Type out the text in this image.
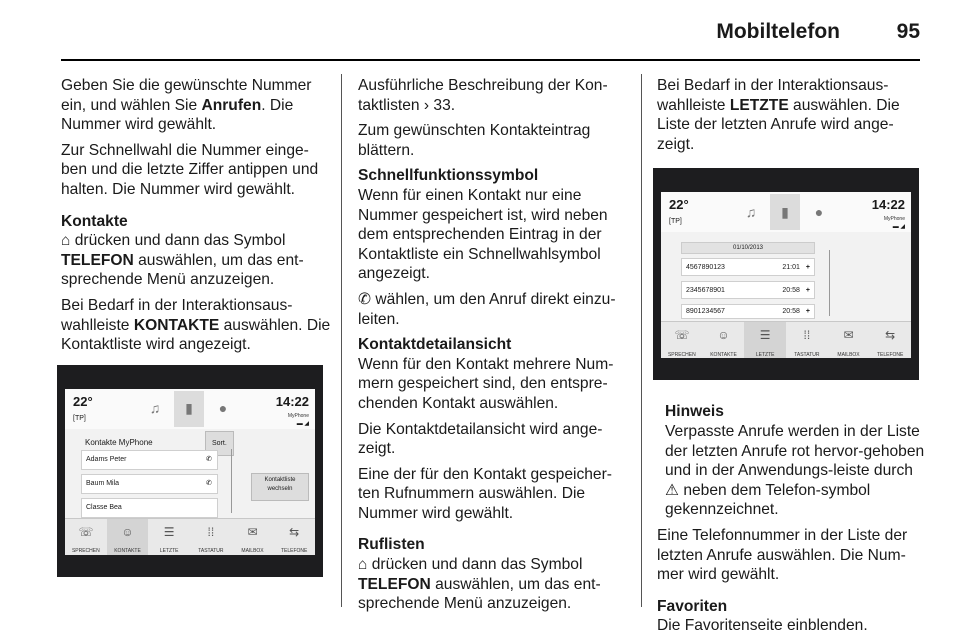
Mobiltelefon	95

Geben Sie die gewünschte Nummer ein, und wählen Sie Anrufen. Die Nummer wird gewählt.

Zur Schnellwahl die Nummer einge-ben und die letzte Ziffer antippen und halten. Die Nummer wird gewählt.

Kontakte

⌂ drücken und dann das Symbol TELEFON auswählen, um das ent-sprechende Menü anzuzeigen.

Bei Bedarf in der Interaktionsaus-wahlleiste KONTAKTE auswählen. Die Kontaktliste wird angezeigt.

22°
[TP]
♫	▮	●	14:22
MyPhone
▬ ◢
Kontakte MyPhone	Sort.
Adams Peter	✆
Baum Mila	✆
Classe Bea
Kontaktliste
wechseln
☏
SPRECHEN
☺
KONTAKTE
☰
LETZTE
⁞⁞
TASTATUR
✉
MAILBOX
⇆
TELEFONE

Ausführliche Beschreibung der Kon-taktlisten › 33.

Zum gewünschten Kontakteintrag blättern.

Schnellfunktionssymbol

Wenn für einen Kontakt nur eine Nummer gespeichert ist, wird neben dem entsprechenden Eintrag in der Kontaktliste ein Schnellwahlsymbol angezeigt.

✆ wählen, um den Anruf direkt einzu-leiten.

Kontaktdetailansicht

Wenn für den Kontakt mehrere Num-mern gespeichert sind, den entspre-chenden Kontakt auswählen.

Die Kontaktdetailansicht wird ange-zeigt.

Eine der für den Kontakt gespeicher-ten Rufnummern auswählen. Die Nummer wird gewählt.

Ruflisten

⌂ drücken und dann das Symbol TELEFON auswählen, um das ent-sprechende Menü anzuzeigen.

Bei Bedarf in der Interaktionsaus-wahlleiste LETZTE auswählen. Die Liste der letzten Anrufe wird ange-zeigt.

22°
[TP]
♫	▮	●	14:22
MyPhone
▬ ◢
01/10/2013
4567890123	21:01 +
2345678901	20:58 +
8901234567	20:58 +
☏
SPRECHEN
☺
KONTAKTE
☰
LETZTE
⁞⁞
TASTATUR
✉
MAILBOX
⇆
TELEFONE

Hinweis

Verpasste Anrufe werden in der Liste der letzten Anrufe rot hervor-gehoben und in der Anwendungs-leiste durch ⚠ neben dem Telefon-symbol gekennzeichnet.

Eine Telefonnummer in der Liste der letzten Anrufe auswählen. Die Num-mer wird gewählt.

Favoriten

Die Favoritenseite einblenden.
